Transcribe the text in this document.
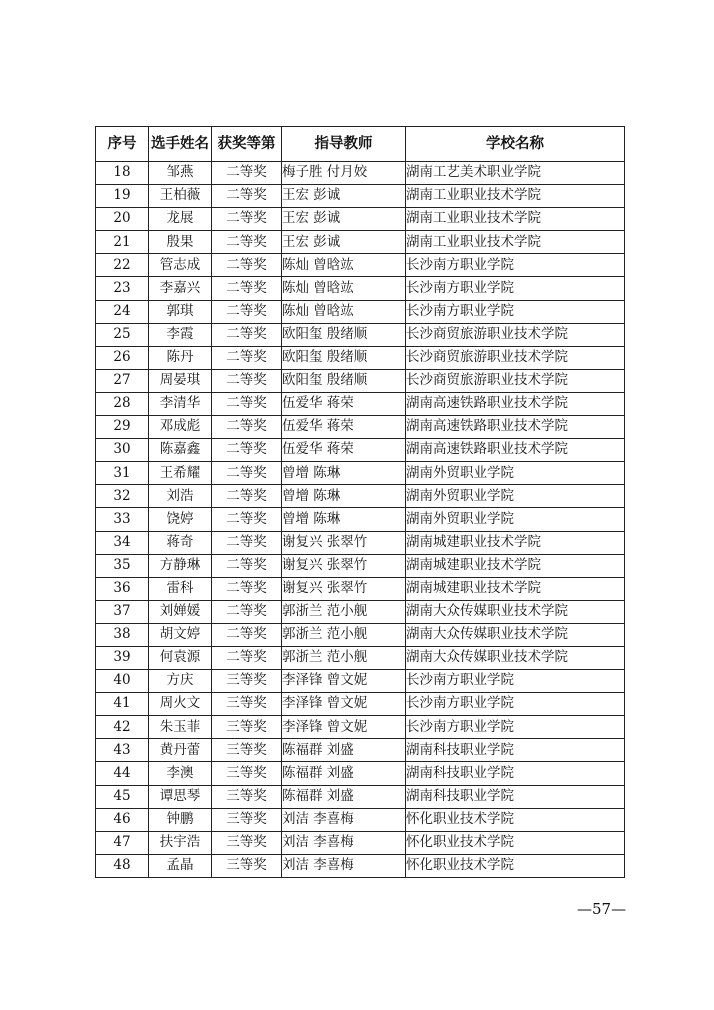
序号	选手姓名	获奖等第	指导教师	学校名称
18	邹燕	二等奖	梅子胜 付月姣	湖南工艺美术职业学院
19	王柏薇	二等奖	王宏 彭诚	湖南工业职业技术学院
20	龙展	二等奖	王宏 彭诚	湖南工业职业技术学院
21	殷果	二等奖	王宏 彭诚	湖南工业职业技术学院
22	管志成	二等奖	陈灿 曾晗竑	长沙南方职业学院
23	李嘉兴	二等奖	陈灿 曾晗竑	长沙南方职业学院
24	郭琪	二等奖	陈灿 曾晗竑	长沙南方职业学院
25	李霞	二等奖	欧阳玺 殷绪顺	长沙商贸旅游职业技术学院
26	陈丹	二等奖	欧阳玺 殷绪顺	长沙商贸旅游职业技术学院
27	周晏琪	二等奖	欧阳玺 殷绪顺	长沙商贸旅游职业技术学院
28	李清华	二等奖	伍爱华 蒋荣	湖南高速铁路职业技术学院
29	邓成彪	二等奖	伍爱华 蒋荣	湖南高速铁路职业技术学院
30	陈嘉鑫	二等奖	伍爱华 蒋荣	湖南高速铁路职业技术学院
31	王希耀	二等奖	曾增 陈琳	湖南外贸职业学院
32	刘浩	二等奖	曾增 陈琳	湖南外贸职业学院
33	饶婷	二等奖	曾增 陈琳	湖南外贸职业学院
34	蒋奇	二等奖	谢复兴 张翠竹	湖南城建职业技术学院
35	方静琳	二等奖	谢复兴 张翠竹	湖南城建职业技术学院
36	雷科	二等奖	谢复兴 张翠竹	湖南城建职业技术学院
37	刘婵媛	二等奖	郭浙兰 范小舰	湖南大众传媒职业技术学院
38	胡文婷	二等奖	郭浙兰 范小舰	湖南大众传媒职业技术学院
39	何袁源	二等奖	郭浙兰 范小舰	湖南大众传媒职业技术学院
40	方庆	三等奖	李泽锋 曾文妮	长沙南方职业学院
41	周火文	三等奖	李泽锋 曾文妮	长沙南方职业学院
42	朱玉菲	三等奖	李泽锋 曾文妮	长沙南方职业学院
43	黄丹蕾	三等奖	陈福群 刘盛	湖南科技职业学院
44	李澳	三等奖	陈福群 刘盛	湖南科技职业学院
45	谭思琴	三等奖	陈福群 刘盛	湖南科技职业学院
46	钟鹏	三等奖	刘洁 李喜梅	怀化职业技术学院
47	扶宇浩	三等奖	刘洁 李喜梅	怀化职业技术学院
48	孟晶	三等奖	刘洁 李喜梅	怀化职业技术学院
—57—
